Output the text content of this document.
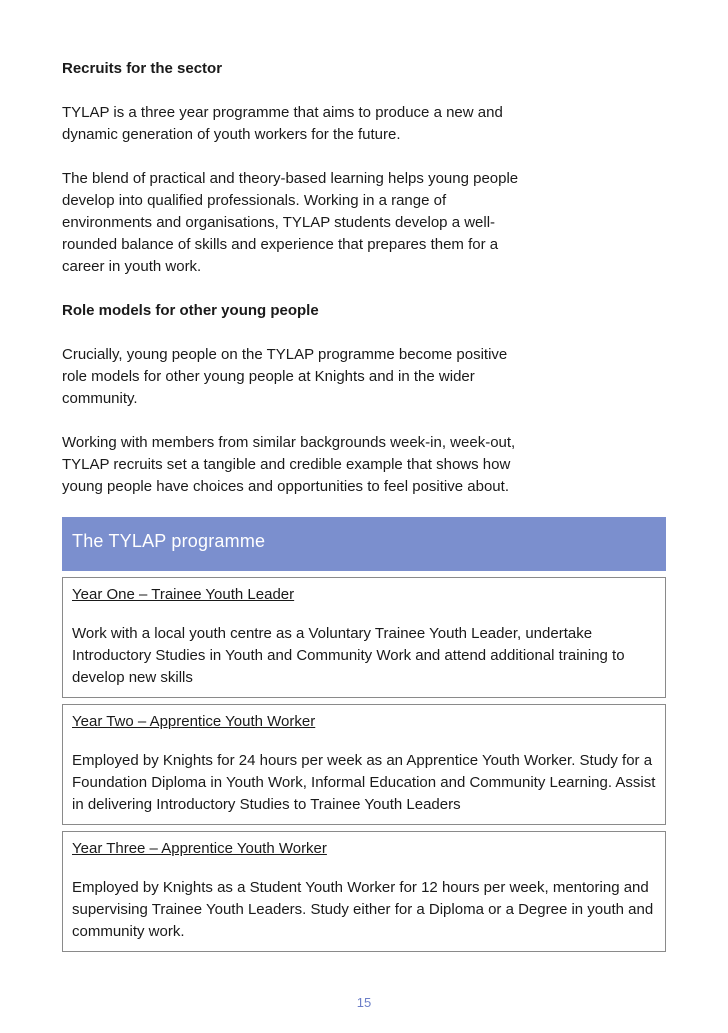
Recruits for the sector

TYLAP is a three year programme that aims to produce a new and dynamic generation of youth workers for the future.

The blend of practical and theory-based learning helps young people develop into qualified professionals. Working in a range of environments and organisations, TYLAP students develop a well-rounded balance of skills and experience that prepares them for a career in youth work.

Role models for other young people

Crucially, young people on the TYLAP programme become positive role models for other young people at Knights and in the wider community.

Working with members from similar backgrounds week-in, week-out, TYLAP recruits set a tangible and credible example that shows how young people have choices and opportunities to feel positive about.

The TYLAP programme

Year One – Trainee Youth Leader

Work with a local youth centre as a Voluntary Trainee Youth Leader, undertake Introductory Studies in Youth and Community Work and attend additional training to develop new skills

Year Two – Apprentice Youth Worker

Employed by Knights for 24 hours per week as an Apprentice Youth Worker. Study for a Foundation Diploma in Youth Work, Informal Education and Community Learning. Assist in delivering Introductory Studies to Trainee Youth Leaders

Year Three – Apprentice Youth Worker

Employed by Knights as a Student Youth Worker for 12 hours per week, mentoring and supervising Trainee Youth Leaders. Study either for a Diploma or a Degree in youth and community work.

15
